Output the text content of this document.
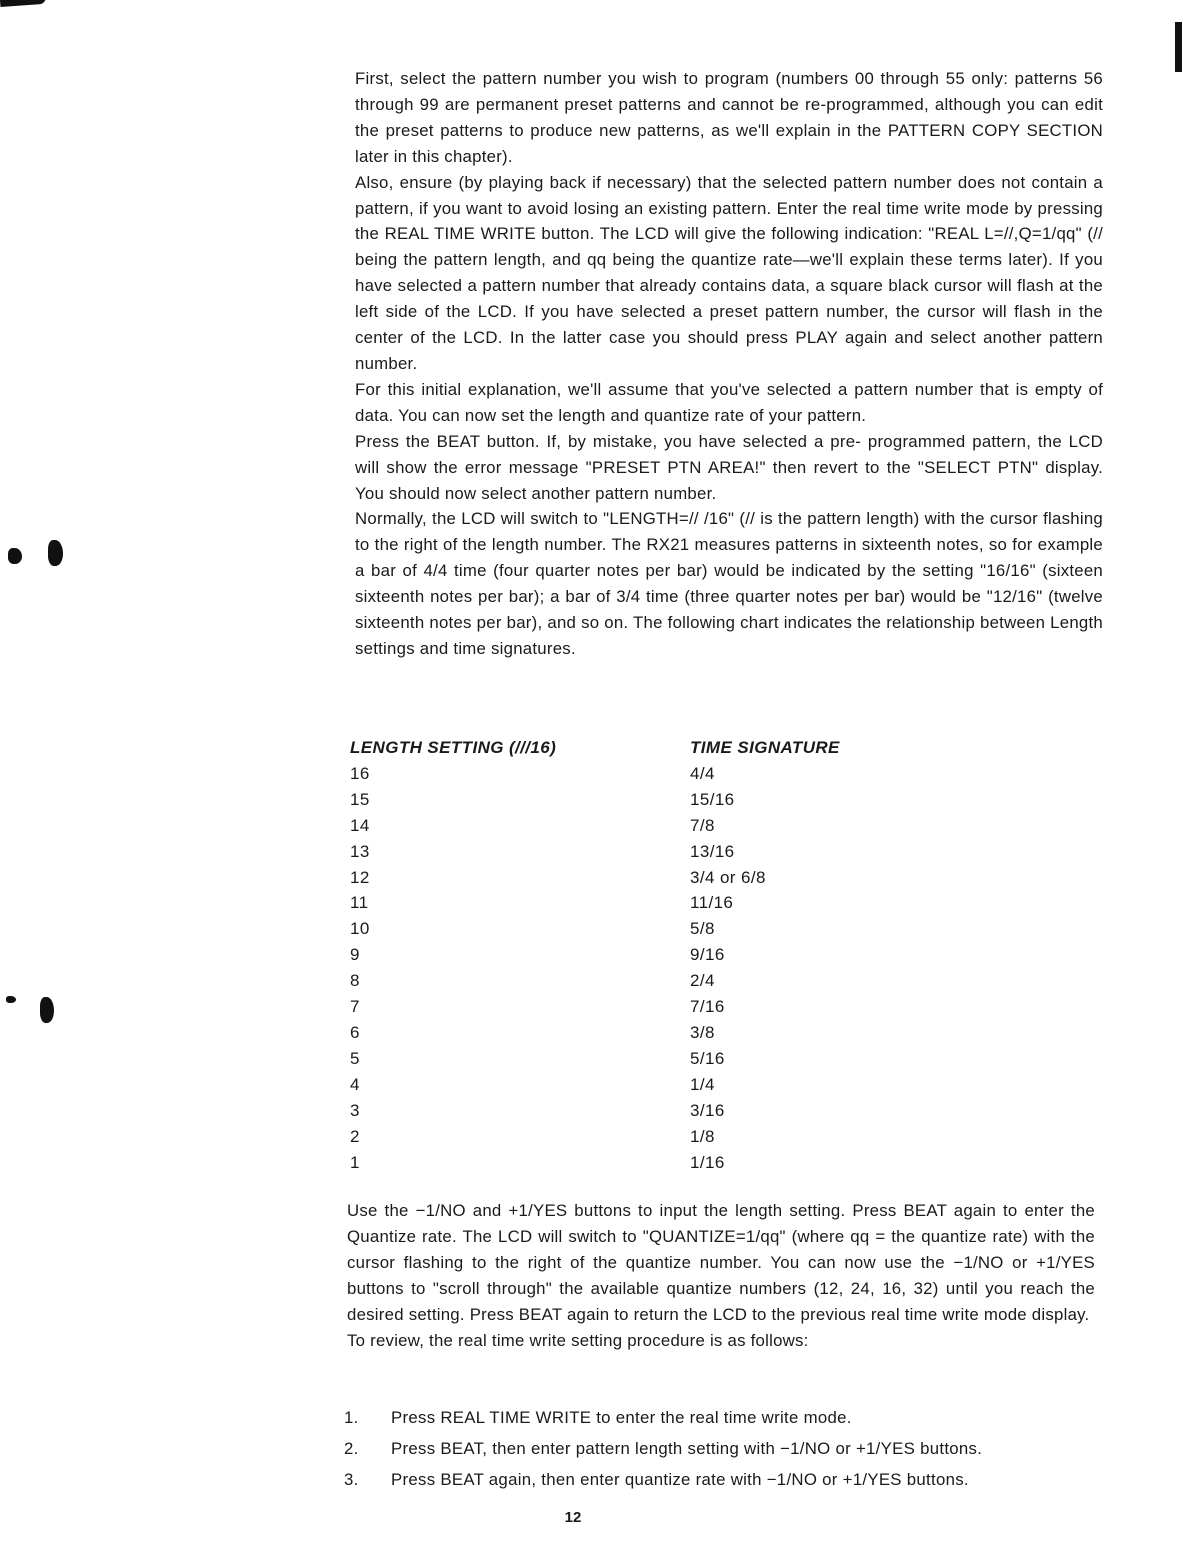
First, select the pattern number you wish to program (numbers 00 through 55 only: patterns 56 through 99 are permanent preset patterns and cannot be re-programmed, although you can edit the preset patterns to produce new patterns, as we'll explain in the PATTERN COPY SECTION later in this chapter).

Also, ensure (by playing back if necessary) that the selected pattern number does not contain a pattern, if you want to avoid losing an existing pattern. Enter the real time write mode by pressing the REAL TIME WRITE button. The LCD will give the following indication: "REAL L=//,Q=1/qq" (// being the pattern length, and qq being the quantize rate—we'll explain these terms later). If you have selected a pattern number that already contains data, a square black cursor will flash at the left side of the LCD. If you have selected a preset pattern number, the cursor will flash in the center of the LCD. In the latter case you should press PLAY again and select another pattern number.

For this initial explanation, we'll assume that you've selected a pattern number that is empty of data. You can now set the length and quantize rate of your pattern.

Press the BEAT button. If, by mistake, you have selected a pre- programmed pattern, the LCD will show the error message "PRESET PTN AREA!" then revert to the "SELECT PTN" display. You should now select another pattern number.

Normally, the LCD will switch to "LENGTH=// /16" (// is the pattern length) with the cursor flashing to the right of the length number. The RX21 measures patterns in sixteenth notes, so for example a bar of 4/4 time (four quarter notes per bar) would be indicated by the setting "16/16" (sixteen sixteenth notes per bar); a bar of 3/4 time (three quarter notes per bar) would be "12/16" (twelve sixteenth notes per bar), and so on. The following chart indicates the relationship between Length settings and time signatures.

LENGTH SETTING (///16)	TIME SIGNATURE
16	4/4
15	15/16
14	7/8
13	13/16
12	3/4 or 6/8
11	11/16
10	5/8
9	9/16
8	2/4
7	7/16
6	3/8
5	5/16
4	1/4
3	3/16
2	1/8
1	1/16

Use the −1/NO and +1/YES buttons to input the length setting. Press BEAT again to enter the Quantize rate. The LCD will switch to "QUANTIZE=1/qq" (where qq = the quantize rate) with the cursor flashing to the right of the quantize number. You can now use the −1/NO or +1/YES buttons to "scroll through" the available quantize numbers (12, 24, 16, 32) until you reach the desired setting. Press BEAT again to return the LCD to the previous real time write mode display.

To review, the real time write setting procedure is as follows:

1.	Press REAL TIME WRITE to enter the real time write mode.
2.	Press BEAT, then enter pattern length setting with −1/NO or +1/YES buttons.
3.	Press BEAT again, then enter quantize rate with −1/NO or +1/YES buttons.
12
